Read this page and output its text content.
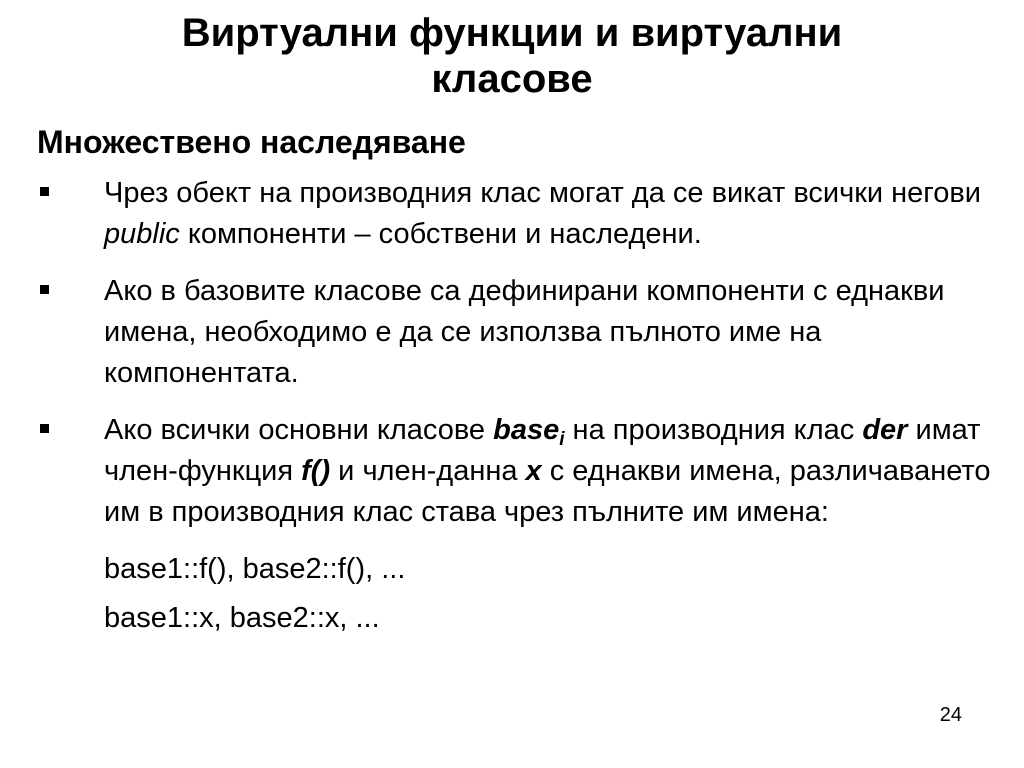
Виртуални функции и виртуални
класове
Множествено наследяване
Чрез обект на производния клас могат да се викат всички негови public компоненти – собствени и наследени.
Ако в базовите класове са дефинирани компоненти с еднакви имена, необходимо е да се използва пълното име на компонентата.
Ако всички основни класове base$_i$ на производния клас der имат член-функция f() и член-данна x с еднакви имена, различаването им в производния клас става чрез пълните им имена:
base1::f(), base2::f(), ...
base1::x, base2::x, ...
24
